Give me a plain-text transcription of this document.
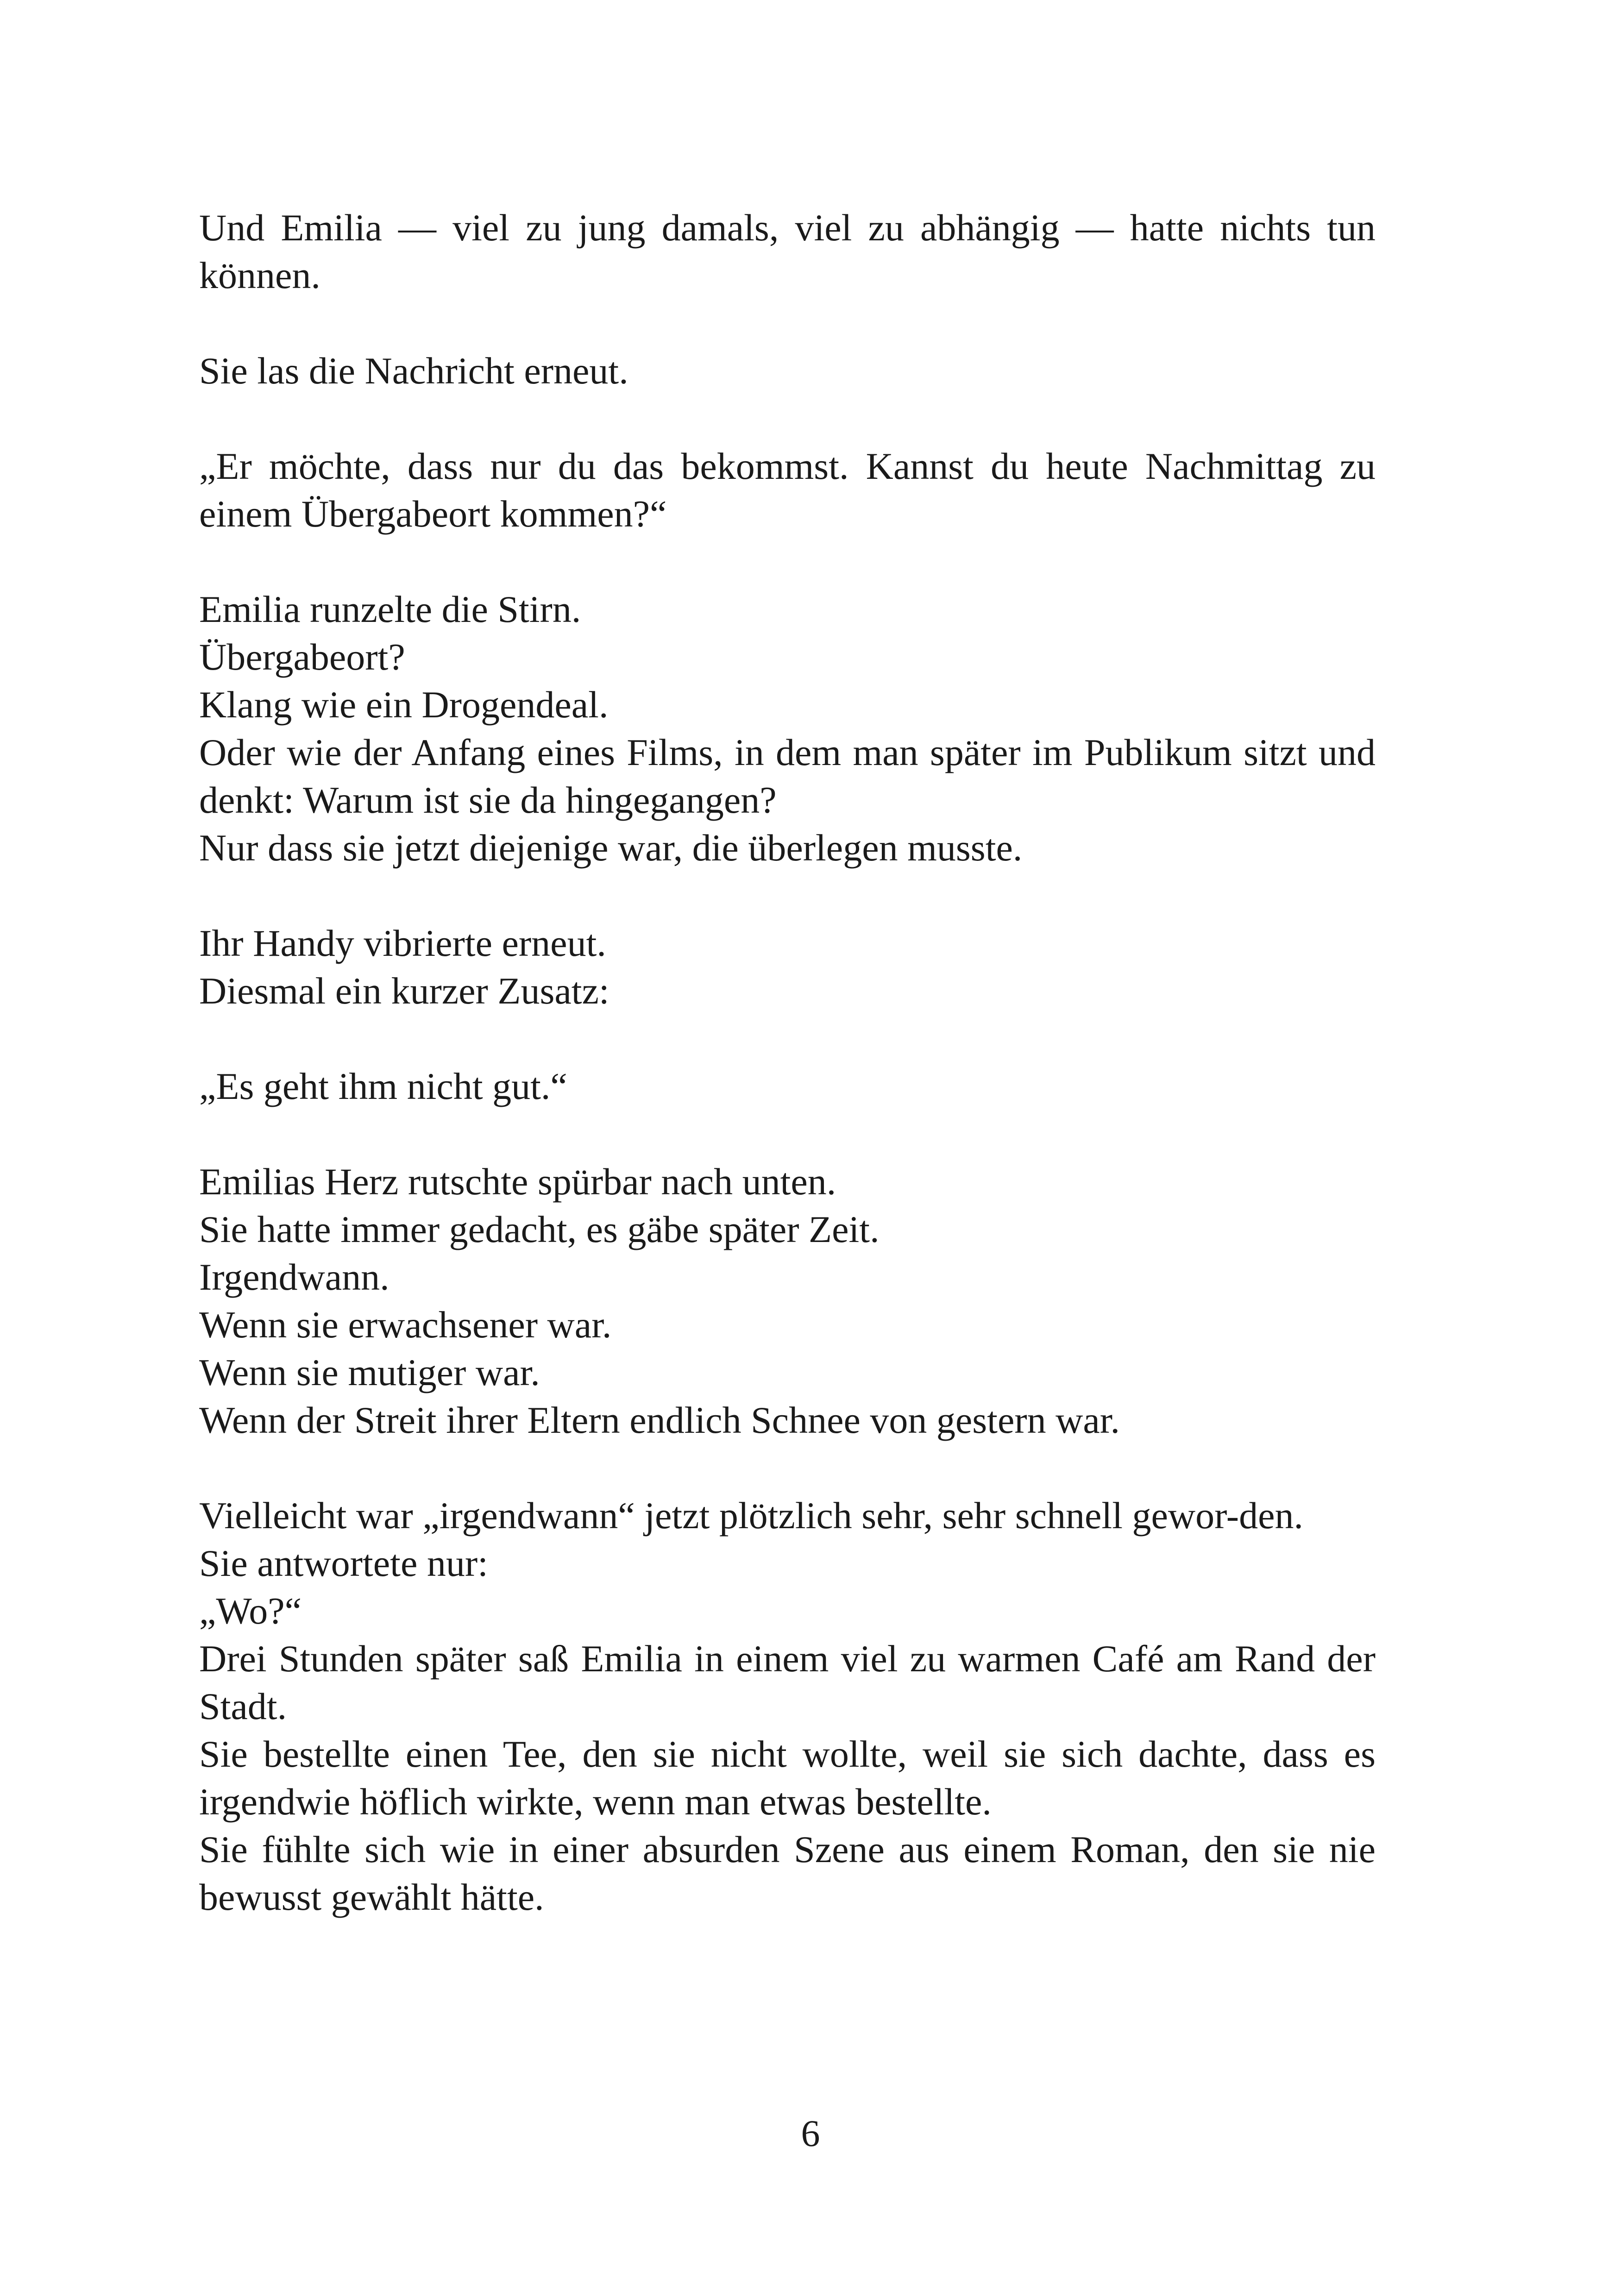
Und Emilia — viel zu jung damals, viel zu abhängig — hatte nichts tun können.

Sie las die Nachricht erneut.

„Er möchte, dass nur du das bekommst. Kannst du heute Nachmittag zu einem Übergabeort kommen?“

Emilia runzelte die Stirn.
Übergabeort?
Klang wie ein Drogendeal.
Oder wie der Anfang eines Films, in dem man später im Publikum sitzt und denkt: Warum ist sie da hingegangen?
Nur dass sie jetzt diejenige war, die überlegen musste.
Ihr Handy vibrierte erneut.
Diesmal ein kurzer Zusatz:

„Es geht ihm nicht gut.“

Emilias Herz rutschte spürbar nach unten.
Sie hatte immer gedacht, es gäbe später Zeit.
Irgendwann.
Wenn sie erwachsener war.
Wenn sie mutiger war.
Wenn der Streit ihrer Eltern endlich Schnee von gestern war.
Vielleicht war „irgendwann“ jetzt plötzlich sehr, sehr schnell gewor-den.
Sie antwortete nur:
„Wo?“
Drei Stunden später saß Emilia in einem viel zu warmen Café am Rand der Stadt.
Sie bestellte einen Tee, den sie nicht wollte, weil sie sich dachte, dass es irgendwie höflich wirkte, wenn man etwas bestellte.
Sie fühlte sich wie in einer absurden Szene aus einem Roman, den sie nie bewusst gewählt hätte.
6
